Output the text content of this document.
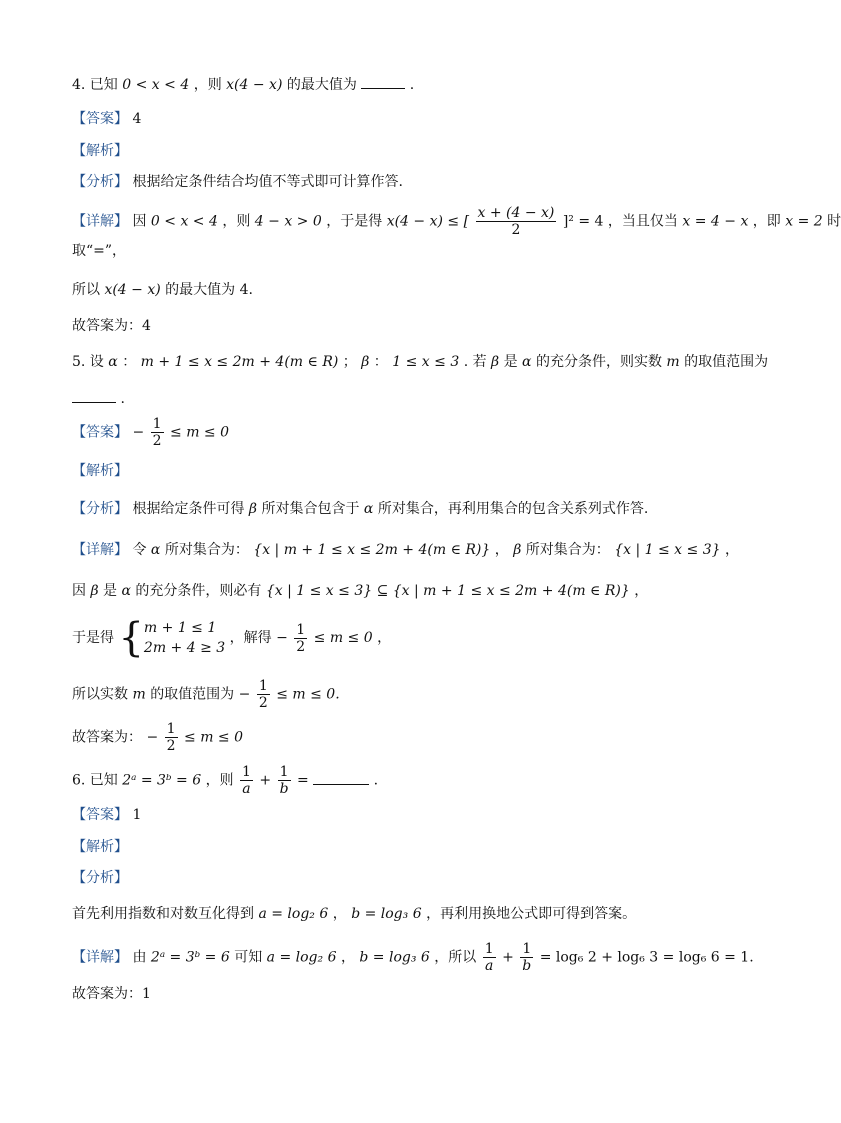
4. 已知 0 < x < 4 ，则 x(4 − x) 的最大值为	.
【答案】 4
【解析】
【分析】 根据给定条件结合均值不等式即可计算作答.
【详解】 因 0 < x < 4 ，则 4 − x > 0 ，于是得 x(4 − x) ≤ [ $\frac{x + (4 - x)}{2} ]^2 = 4$ ，当且仅当 x = 4 − x ，即 x = 2 时
取“=”，
所以 x(4 − x) 的最大值为 4.
故答案为：4
5. 设 α ： m + 1 ≤ x ≤ 2m + 4(m ∈ R) ； β ： 1 ≤ x ≤ 3 . 若 β 是 α 的充分条件，则实数 m 的取值范围为
.
【答案】 − $\frac{1}{2} \le m \le 0$
【解析】
【分析】 根据给定条件可得 β 所对集合包含于 α 所对集合，再利用集合的包含关系列式作答.
【详解】 令 α 所对集合为： {x | m + 1 ≤ x ≤ 2m + 4(m ∈ R)} ， β 所对集合为： {x | 1 ≤ x ≤ 3} ，
因 β 是 α 的充分条件，则必有 {x | 1 ≤ x ≤ 3} ⊆ {x | m + 1 ≤ x ≤ 2m + 4(m ∈ R)} ，
于是得 { m + 1 ≤ 1
2m + 4 ≥ 3
，解得 − $\frac{1}{2} \le m \le 0$ ，
所以实数 m 的取值范围为 − $\frac{1}{2} \le m \le 0$.
故答案为： − $\frac{1}{2} \le m \le 0$
6. 已知 2ᵃ = 3ᵇ = 6 ，则 $\frac{1}{a} + \frac{1}{b}$ =	.
【答案】 1
【解析】
【分析】
首先利用指数和对数互化得到 a = log₂ 6 ， b = log₃ 6 ，再利用换地公式即可得到答案。
【详解】 由 2ᵃ = 3ᵇ = 6 可知 a = log₂ 6 ， b = log₃ 6 ，所以 $\frac{1}{a} + \frac{1}{b} = \log_6$ 2 + log₆ 3 = log₆ 6 = 1.
故答案为：1
